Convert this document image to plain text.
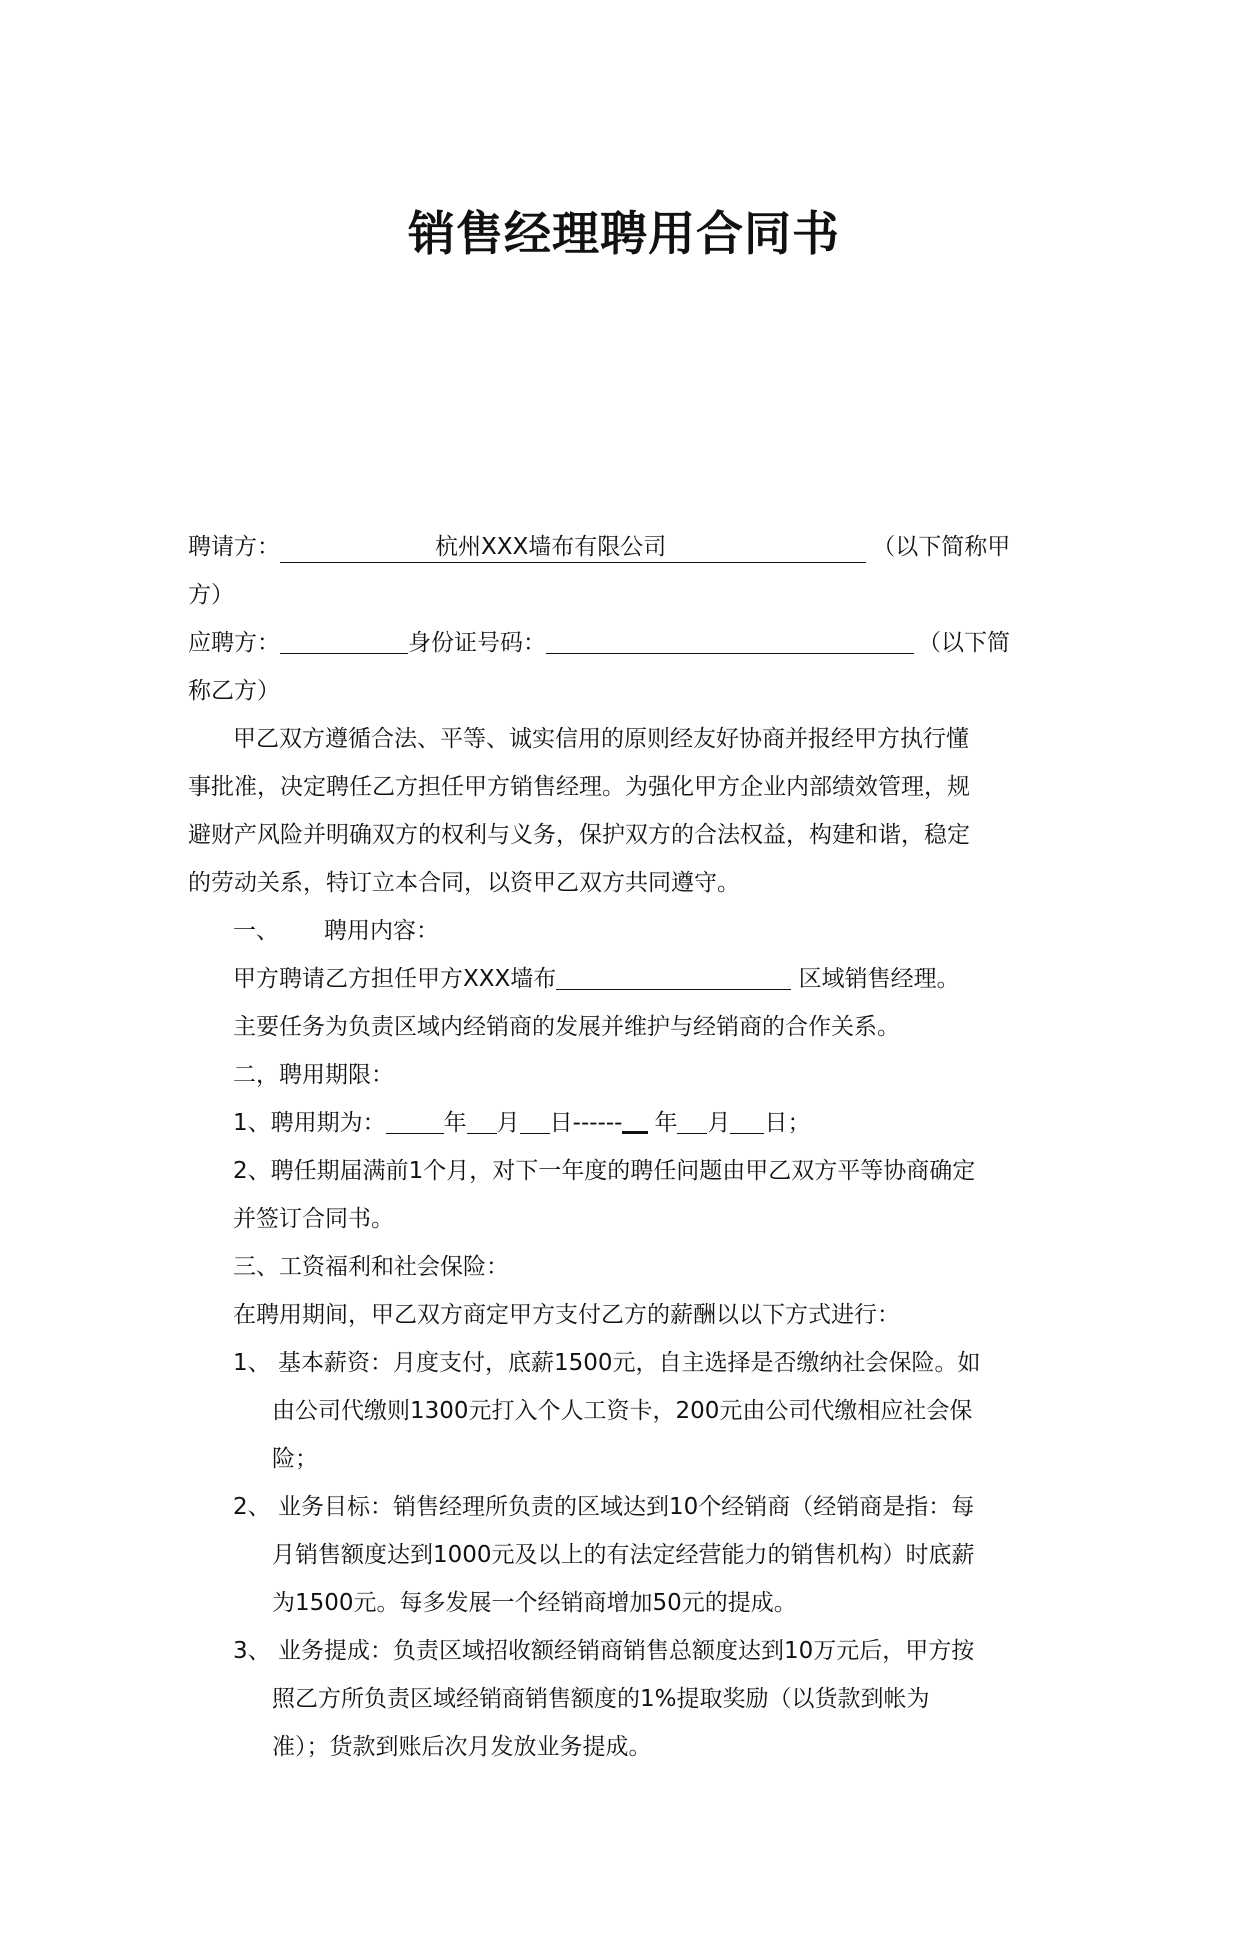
销售经理聘用合同书
聘请方：	杭州XXX墙布有限公司	（以下简称甲
方）
应聘方：	身份证号码：	（以下简
称乙方）
甲乙双方遵循合法、平等、诚实信用的原则经友好协商并报经甲方执行懂
事批准，决定聘任乙方担任甲方销售经理。为强化甲方企业内部绩效管理，规
避财产风险并明确双方的权利与义务，保护双方的合法权益，构建和谐，稳定
的劳动关系，特订立本合同，以资甲乙双方共同遵守。
一、 聘用内容：
甲方聘请乙方担任甲方XXX墙布	区域销售经理。
主要任务为负责区域内经销商的发展并维护与经销商的合作关系。
二，聘用期限：
1、聘用期为：	年 月 日------ 年 月 日；
2、聘任期届满前1个月，对下一年度的聘任问题由甲乙双方平等协商确定
并签订合同书。
三、工资福利和社会保险：
在聘用期间，甲乙双方商定甲方支付乙方的薪酬以以下方式进行：
1、 基本薪资：月度支付，底薪1500元，自主选择是否缴纳社会保险。如
由公司代缴则1300元打入个人工资卡，200元由公司代缴相应社会保
险；
2、 业务目标：销售经理所负责的区域达到10个经销商（经销商是指：每
月销售额度达到1000元及以上的有法定经营能力的销售机构）时底薪
为1500元。每多发展一个经销商增加50元的提成。
3、 业务提成：负责区域招收额经销商销售总额度达到10万元后，甲方按
照乙方所负责区域经销商销售额度的1%提取奖励（以货款到帐为
准）；货款到账后次月发放业务提成。
